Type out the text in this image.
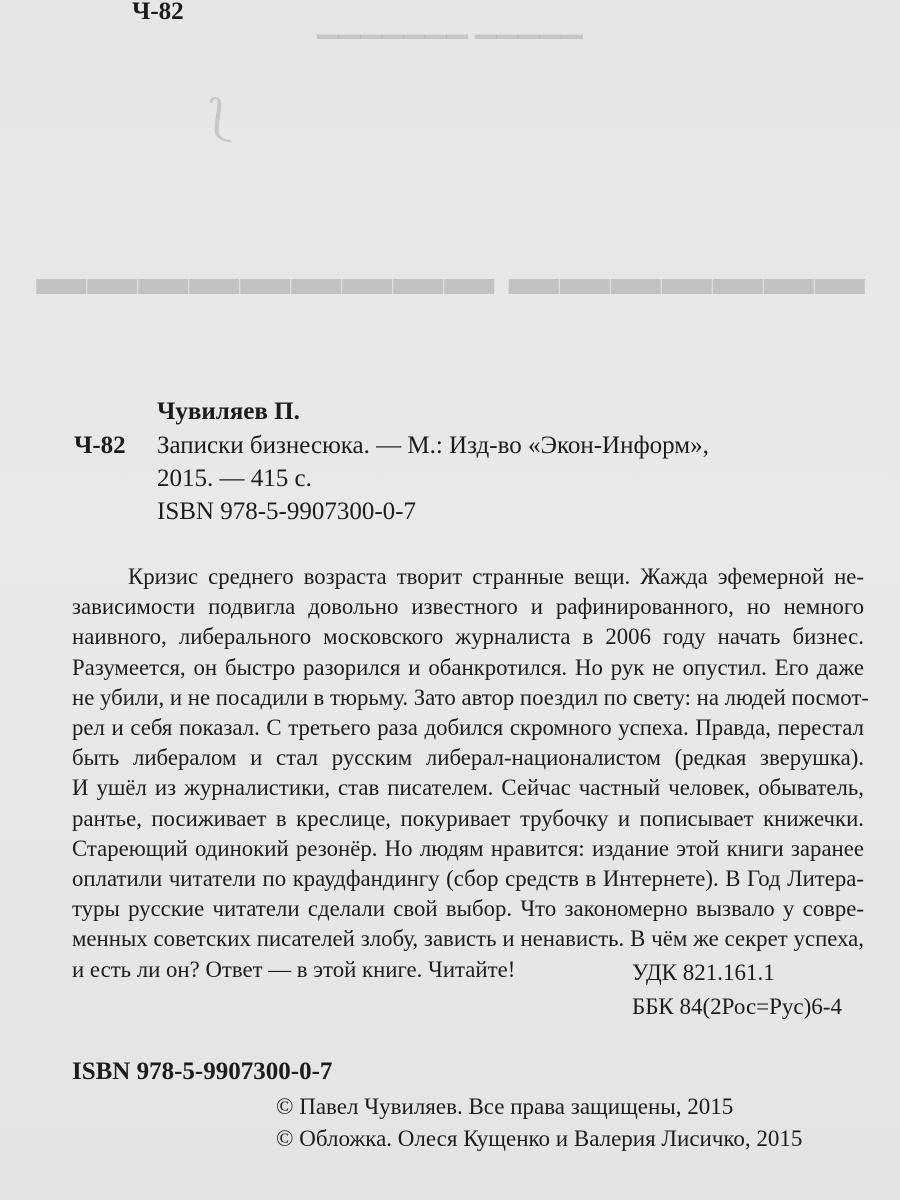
▁▁▁▁▁ ▁▁▁▁▁▁▁
⟆
▬▬▬▬▬▬▬ ▬▬▬▬▬▬▬▬▬
Ч-82
Чувиляев П.
Ч-82 Записки бизнесюка. — М.: Изд-во «Экон-Информ»,
2015. — 415 с.
ISBN 978-5-9907300-0-7
Кризис среднего возраста творит странные вещи. Жажда эфемерной не-
зависимости подвигла довольно известного и рафинированного, но немного
наивного, либерального московского журналиста в 2006 году начать бизнес.
Разумеется, он быстро разорился и обанкротился. Но рук не опустил. Его даже
не убили, и не посадили в тюрьму. Зато автор поездил по свету: на людей посмот-
рел и себя показал. С третьего раза добился скромного успеха. Правда, перестал
быть либералом и стал русским либерал-националистом (редкая зверушка).
И ушёл из журналистики, став писателем. Сейчас частный человек, обыватель,
рантье, посиживает в креслице, покуривает трубочку и пописывает книжечки.
Стареющий одинокий резонёр. Но людям нравится: издание этой книги заранее
оплатили читатели по краудфандингу (сбор средств в Интернете). В Год Литера-
туры русские читатели сделали свой выбор. Что закономерно вызвало у совре-
менных советских писателей злобу, зависть и ненависть. В чём же секрет успеха,
и есть ли он? Ответ — в этой книге. Читайте!	УДК 821.161.1
ББК 84(2Рос=Рус)6-4
ISBN 978-5-9907300-0-7
© Павел Чувиляев. Все права защищены, 2015
© Обложка. Олеся Кущенко и Валерия Лисичко, 2015
